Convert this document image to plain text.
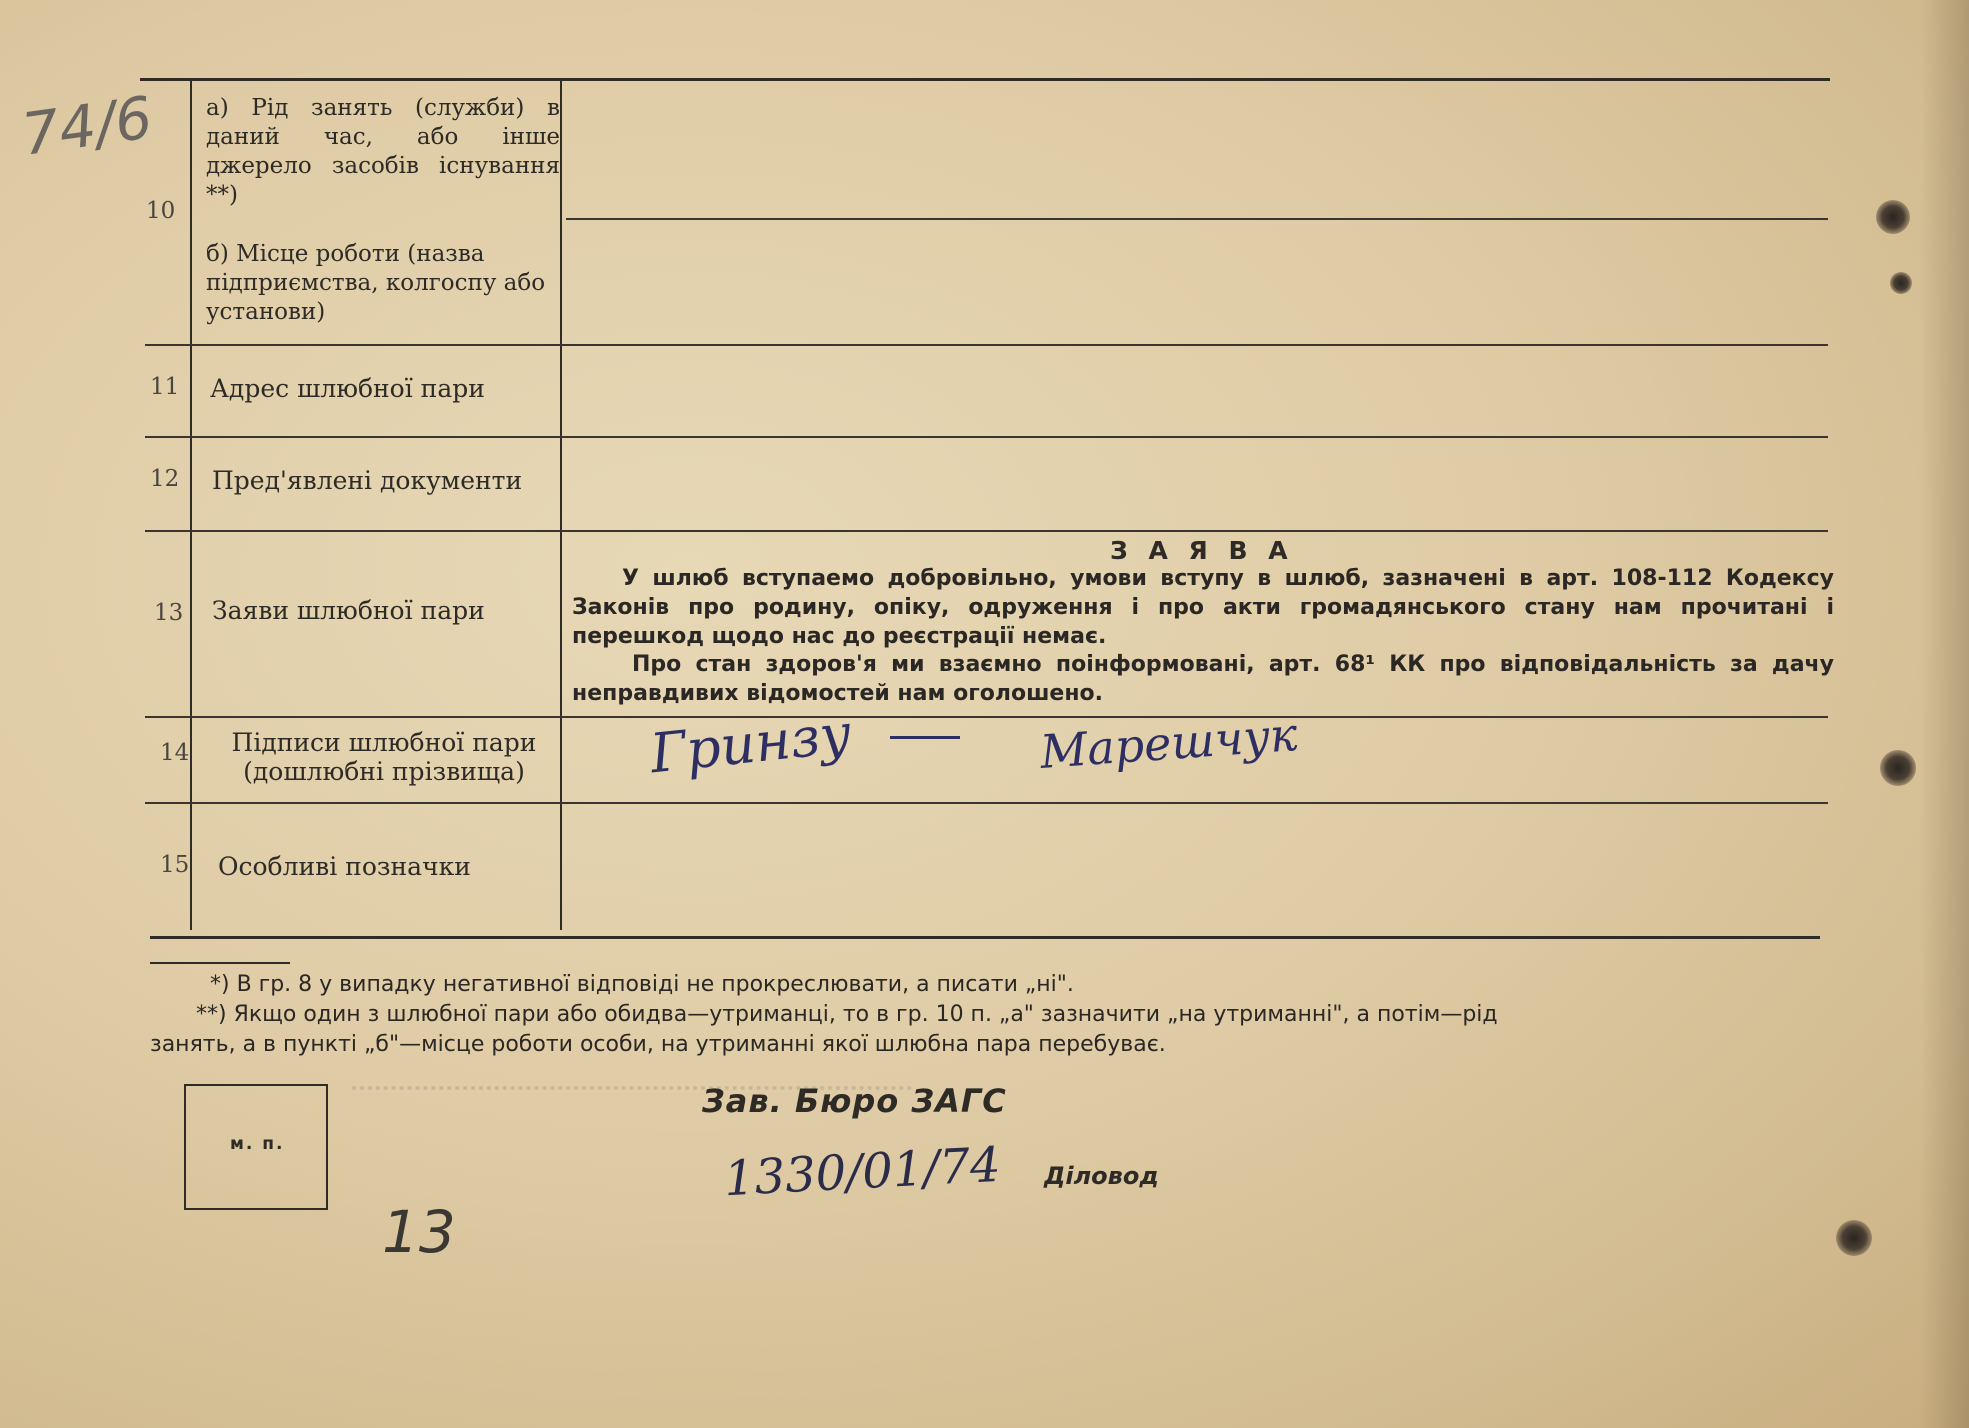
74/6
10
а) Рід занять (служби) в даний час, або інше джерело засобів існування **)
б) Місце роботи (назва підприємства, колгоспу або установи)
11 Адрес шлюбної пари
12 Пред'явлені документи
13 Заяви шлюбної пари
З А Я В А
У шлюб вступаемо добровільно, умови вступу в шлюб, зазначені в арт. 108-112 Кодексу Законів про родину, опіку, одруження і про акти громадянського стану нам прочитані і перешкод щодо нас до реєстрації немає.
Про стан здоров'я ми взаємно поінформовані, арт. 68¹ КК про відповідальність за дачу неправдивих відомостей нам оголошено.
14	Підписи шлюбної пари (дошлюбні прізвища)	Гринзу	Марешчук
15 Особливі позначки
*) В гр. 8 у випадку негативної відповіді не прокреслювати, а писати „ні".
**) Якщо один з шлюбної пари або обидва—утриманці, то в гр. 10 п. „а" зазначити „на утриманні", а потім—рід
занять, а в пункті „б"—місце роботи особи, на утриманні якої шлюбна пара перебуває.
м. п.
Зав. Бюро ЗАГС
1330/01/74 Діловод
13
